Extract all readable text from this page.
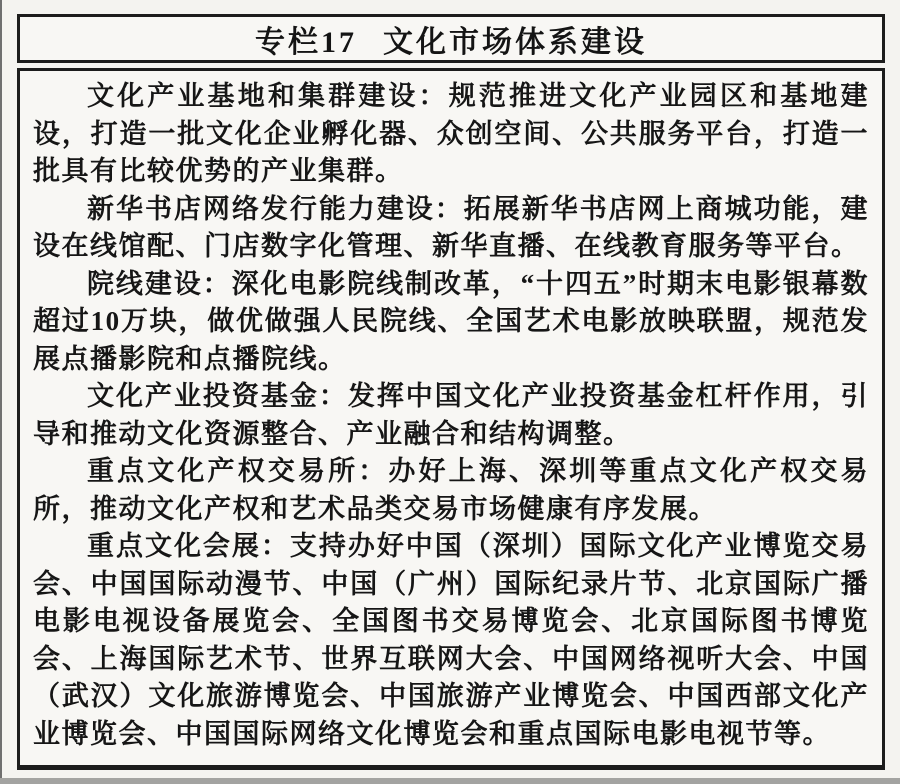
专栏17 文化市场体系建设

文化产业基地和集群建设：规范推进文化产业园区和基地建设，打造一批文化企业孵化器、众创空间、公共服务平台，打造一批具有比较优势的产业集群。

新华书店网络发行能力建设：拓展新华书店网上商城功能，建设在线馆配、门店数字化管理、新华直播、在线教育服务等平台。

院线建设：深化电影院线制改革，“十四五”时期末电影银幕数超过10万块，做优做强人民院线、全国艺术电影放映联盟，规范发展点播影院和点播院线。

文化产业投资基金：发挥中国文化产业投资基金杠杆作用，引导和推动文化资源整合、产业融合和结构调整。

重点文化产权交易所：办好上海、深圳等重点文化产权交易所，推动文化产权和艺术品类交易市场健康有序发展。

重点文化会展：支持办好中国（深圳）国际文化产业博览交易会、中国国际动漫节、中国（广州）国际纪录片节、北京国际广播电影电视设备展览会、全国图书交易博览会、北京国际图书博览会、上海国际艺术节、世界互联网大会、中国网络视听大会、中国（武汉）文化旅游博览会、中国旅游产业博览会、中国西部文化产业博览会、中国国际网络文化博览会和重点国际电影电视节等。
